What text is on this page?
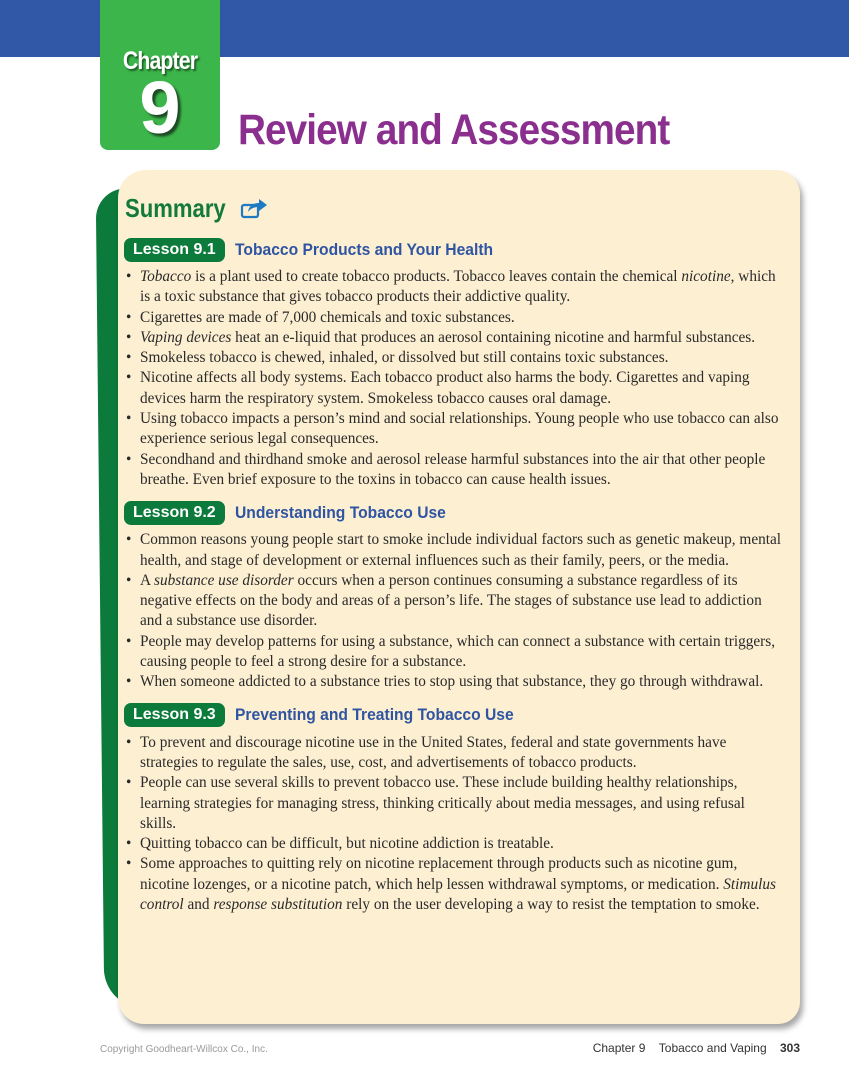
Chapter
9	Review and Assessment
Summary
Lesson 9.1	Tobacco Products and Your Health
• Tobacco is a plant used to create tobacco products. Tobacco leaves contain the chemical nicotine, which is a toxic substance that gives tobacco products their addictive quality.
• Cigarettes are made of 7,000 chemicals and toxic substances.
• Vaping devices heat an e-liquid that produces an aerosol containing nicotine and harmful substances.
• Smokeless tobacco is chewed, inhaled, or dissolved but still contains toxic substances.
• Nicotine affects all body systems. Each tobacco product also harms the body. Cigarettes and vaping devices harm the respiratory system. Smokeless tobacco causes oral damage.
• Using tobacco impacts a person’s mind and social relationships. Young people who use tobacco can also experience serious legal consequences.
• Secondhand and thirdhand smoke and aerosol release harmful substances into the air that other people breathe. Even brief exposure to the toxins in tobacco can cause health issues.
Lesson 9.2	Understanding Tobacco Use
• Common reasons young people start to smoke include individual factors such as genetic makeup, mental health, and stage of development or external influences such as their family, peers, or the media.
• A substance use disorder occurs when a person continues consuming a substance regardless of its negative effects on the body and areas of a person’s life. The stages of substance use lead to addiction and a substance use disorder.
• People may develop patterns for using a substance, which can connect a substance with certain triggers, causing people to feel a strong desire for a substance.
• When someone addicted to a substance tries to stop using that substance, they go through withdrawal.
Lesson 9.3	Preventing and Treating Tobacco Use
• To prevent and discourage nicotine use in the United States, federal and state governments have strategies to regulate the sales, use, cost, and advertisements of tobacco products.
• People can use several skills to prevent tobacco use. These include building healthy relationships, learning strategies for managing stress, thinking critically about media messages, and using refusal skills.
• Quitting tobacco can be difficult, but nicotine addiction is treatable.
• Some approaches to quitting rely on nicotine replacement through products such as nicotine gum, nicotine lozenges, or a nicotine patch, which help lessen withdrawal symptoms, or medication. Stimulus control and response substitution rely on the user developing a way to resist the temptation to smoke.
Copyright Goodheart-Willcox Co., Inc.	Chapter 9 Tobacco and Vaping 303
